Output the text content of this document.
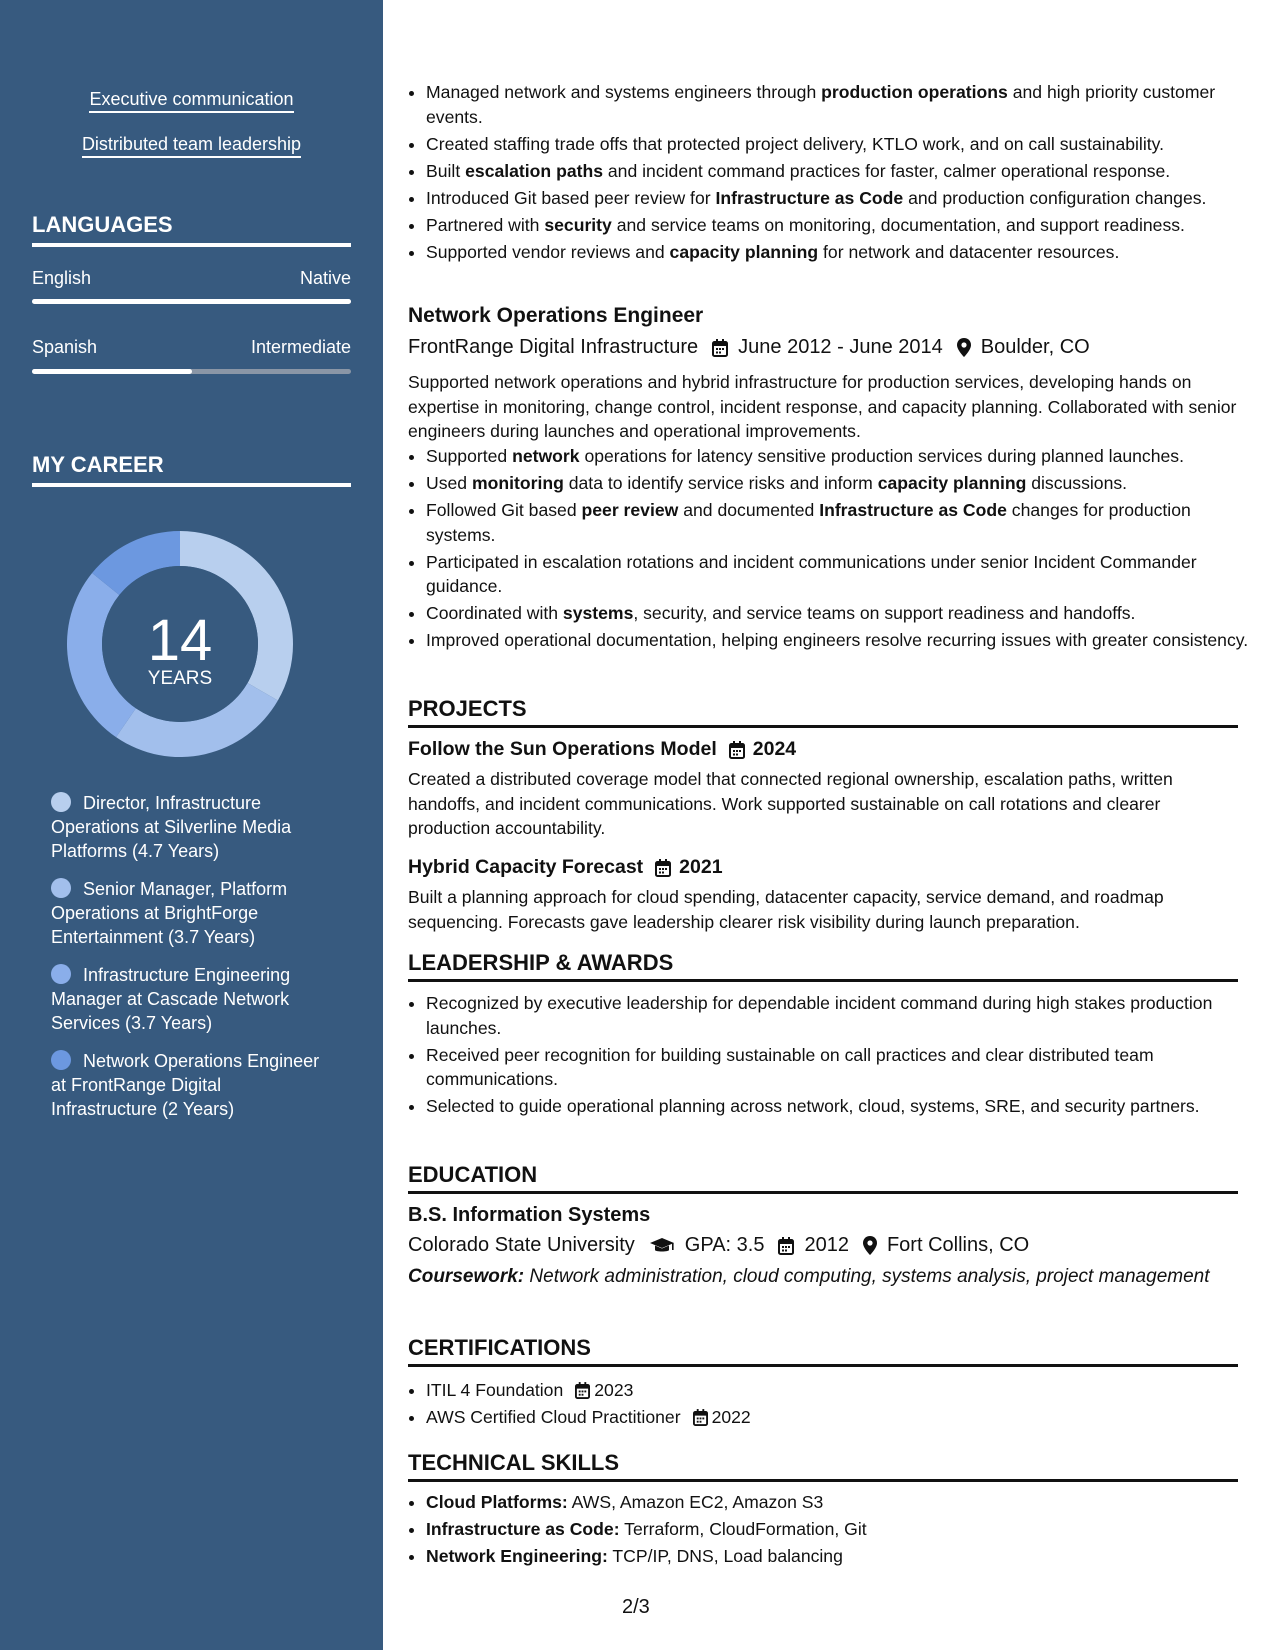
Executive communication
Distributed team leadership
LANGUAGES
English	Native
Spanish	Intermediate
MY CAREER
14
YEARS
Director, Infrastructure Operations at Silverline Media Platforms (4.7 Years)
Senior Manager, Platform Operations at BrightForge Entertainment (3.7 Years)
Infrastructure Engineering Manager at Cascade Network Services (3.7 Years)
Network Operations Engineer at FrontRange Digital Infrastructure (2 Years)
• Managed network and systems engineers through production operations and high priority customer events.
• Created staffing trade offs that protected project delivery, KTLO work, and on call sustainability.
• Built escalation paths and incident command practices for faster, calmer operational response.
• Introduced Git based peer review for Infrastructure as Code and production configuration changes.
• Partnered with security and service teams on monitoring, documentation, and support readiness.
• Supported vendor reviews and capacity planning for network and datacenter resources.
Network Operations Engineer
FrontRange Digital Infrastructure June 2012 - June 2014 Boulder, CO
Supported network operations and hybrid infrastructure for production services, developing hands on expertise in monitoring, change control, incident response, and capacity planning. Collaborated with senior engineers during launches and operational improvements.
• Supported network operations for latency sensitive production services during planned launches.
• Used monitoring data to identify service risks and inform capacity planning discussions.
• Followed Git based peer review and documented Infrastructure as Code changes for production systems.
• Participated in escalation rotations and incident communications under senior Incident Commander guidance.
• Coordinated with systems, security, and service teams on support readiness and handoffs.
• Improved operational documentation, helping engineers resolve recurring issues with greater consistency.
PROJECTS
Follow the Sun Operations Model 2024
Created a distributed coverage model that connected regional ownership, escalation paths, written handoffs, and incident communications. Work supported sustainable on call rotations and clearer production accountability.
Hybrid Capacity Forecast 2021
Built a planning approach for cloud spending, datacenter capacity, service demand, and roadmap sequencing. Forecasts gave leadership clearer risk visibility during launch preparation.
LEADERSHIP & AWARDS
• Recognized by executive leadership for dependable incident command during high stakes production launches.
• Received peer recognition for building sustainable on call practices and clear distributed team communications.
• Selected to guide operational planning across network, cloud, systems, SRE, and security partners.
EDUCATION
B.S. Information Systems
Colorado State University	GPA: 3.5 2012 Fort Collins, CO
Coursework: Network administration, cloud computing, systems analysis, project management
CERTIFICATIONS
• ITIL 4 Foundation 2023
• AWS Certified Cloud Practitioner 2022
TECHNICAL SKILLS
• Cloud Platforms: AWS, Amazon EC2, Amazon S3
• Infrastructure as Code: Terraform, CloudFormation, Git
• Network Engineering: TCP/IP, DNS, Load balancing
2/3
